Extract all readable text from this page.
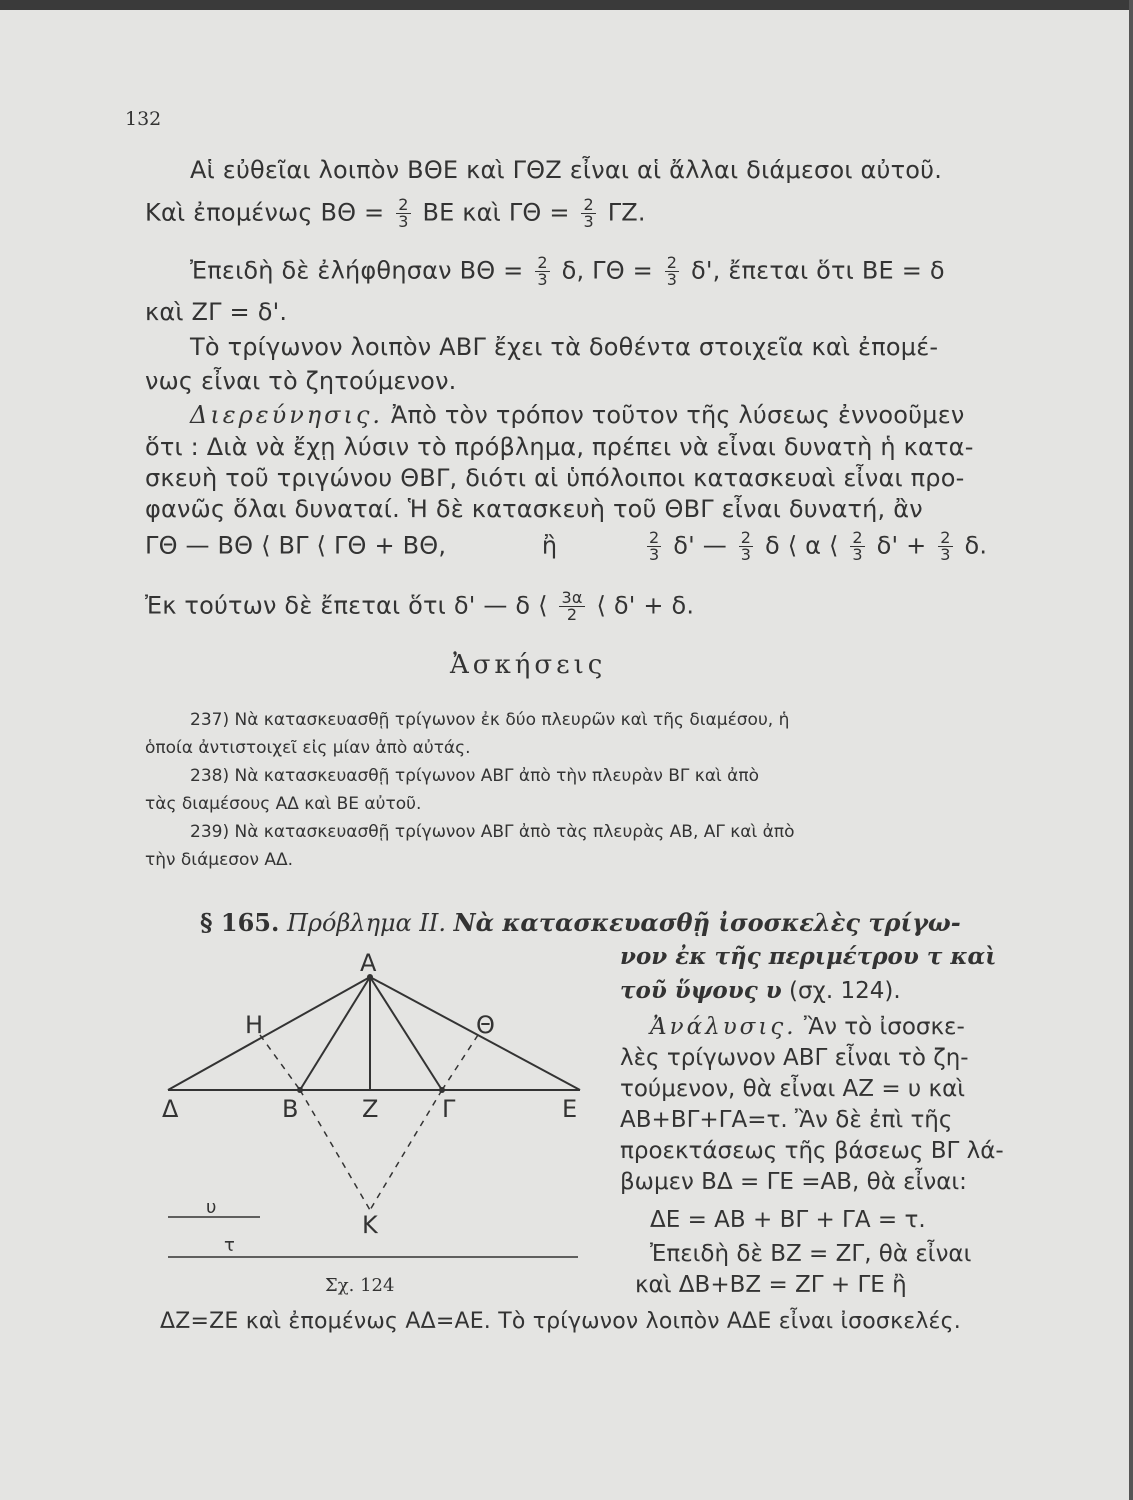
132
Αἱ εὐθεῖαι λοιπὸν ΒΘΕ καὶ ΓΘΖ εἶναι αἱ ἄλλαι διάμεσοι αὐτοῦ.
Καὶ ἐπομένως $B\Theta = \frac{2}{3}$ ΒΕ καὶ $\Gamma\Theta = \frac{2}{3} \Gamma Z$.
Ἐπειδὴ δὲ ἐλήφθησαν $B\Theta = \frac{2}{3} \delta$, $\Gamma\Theta = \frac{2}{3} \delta'$, ἔπεται ὅτι ΒΕ = δ
καὶ ΖΓ = δ'.
Τὸ τρίγωνον λοιπὸν ΑΒΓ ἔχει τὰ δοθέντα στοιχεῖα καὶ ἐπομέ-
νως εἶναι τὸ ζητούμενον.
Διερεύνησις. Ἀπὸ τὸν τρόπον τοῦτον τῆς λύσεως ἐννοοῦμεν
ὅτι : Διὰ νὰ ἔχῃ λύσιν τὸ πρόβλημα, πρέπει νὰ εἶναι δυνατὴ ἡ κατα-
σκευὴ τοῦ τριγώνου ΘΒΓ, διότι αἱ ὑπόλοιποι κατασκευαὶ εἶναι προ-
φανῶς ὅλαι δυναταί. Ἡ δὲ κατασκευὴ τοῦ ΘΒΓ εἶναι δυνατή, ἂν
ΓΘ — ΒΘ ⟨ ΒΓ ⟨ ΓΘ + ΒΘ,	ἢ	$\frac{2}{3} \delta'$ — $\frac{2}{3}$ δ ⟨ α ⟨ $\frac{2}{3} \delta' + \frac{2}{3} \delta$.
Ἐκ τούτων δὲ ἔπεται ὅτι δ' — δ ⟨ $\frac{3\alpha}{2}$ ⟨ δ' + δ.
Ἀσκήσεις
237) Νὰ κατασκευασθῇ τρίγωνον ἐκ δύο πλευρῶν καὶ τῆς διαμέσου, ἡ
ὁποία ἀντιστοιχεῖ εἰς μίαν ἀπὸ αὐτάς.
238) Νὰ κατασκευασθῇ τρίγωνον ΑΒΓ ἀπὸ τὴν πλευρὰν ΒΓ καὶ ἀπὸ
τὰς διαμέσους ΑΔ καὶ ΒΕ αὐτοῦ.
239) Νὰ κατασκευασθῇ τρίγωνον ΑΒΓ ἀπὸ τὰς πλευρὰς ΑΒ, ΑΓ καὶ ἀπὸ
τὴν διάμεσον ΑΔ.
§ 165. Πρόβλημα ΙΙ. Νὰ κατασκευασθῇ ἰσοσκελὲς τρίγω-
νον ἐκ τῆς περιμέτρου τ καὶ
τοῦ ὕψους υ (σχ. 124).
Ἀνάλυσις. Ἂν τὸ ἰσοσκε-
λὲς τρίγωνον ΑΒΓ εἶναι τὸ ζη-
τούμενον, θὰ εἶναι ΑΖ = υ καὶ
ΑΒ+ΒΓ+ΓΑ=τ. Ἂν δὲ ἐπὶ τῆς
προεκτάσεως τῆς βάσεως ΒΓ λά-
βωμεν ΒΔ = ΓΕ =ΑΒ, θὰ εἶναι:
ΔΕ = ΑΒ + ΒΓ + ΓΑ = τ.
Ἐπειδὴ δὲ ΒΖ = ΖΓ, θὰ εἶναι
καὶ ΔΒ+ΒΖ = ΖΓ + ΓΕ ἢ
Α
Η	Θ
Δ	Β	Ζ	Γ	Ε
Κ
υ
τ
Σχ. 124
ΔΖ=ΖΕ καὶ ἐπομένως ΑΔ=ΑΕ. Τὸ τρίγωνον λοιπὸν ΑΔΕ εἶναι ἰσοσκελές.
